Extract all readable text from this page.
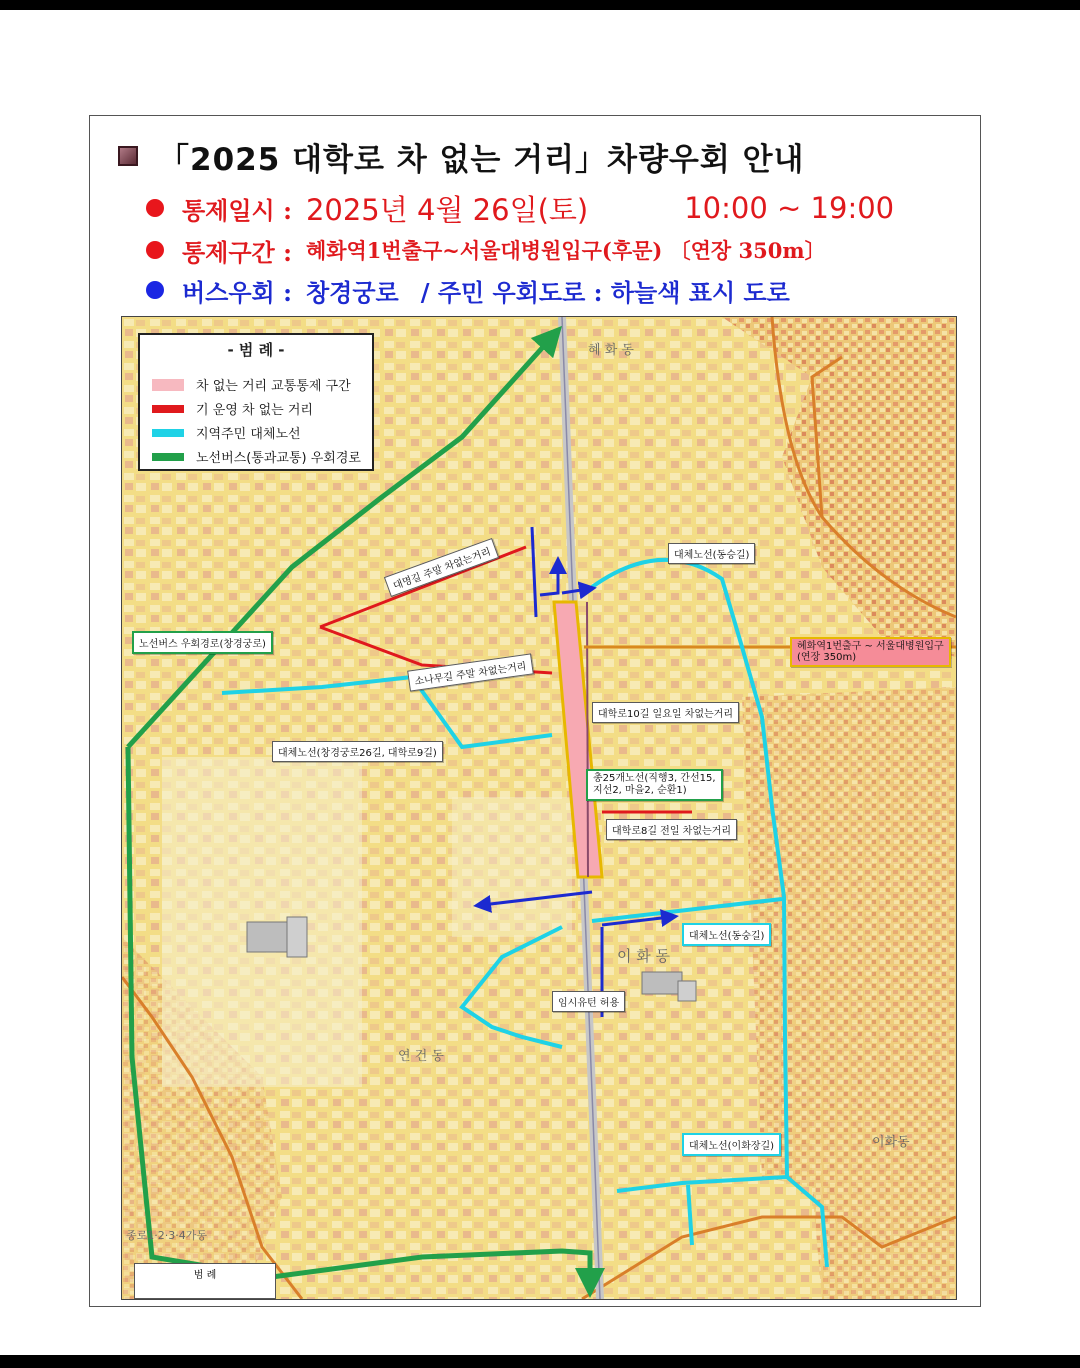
「2025 대학로 차 없는 거리」차량우회 안내
통제일시 : 2025년 4월 26일(토)	10:00 ~ 19:00
통제구간 : 혜화역1번출구~서울대병원입구(후문) 〔연장 350m〕
버스우회 : 창경궁로 / 주민 우회도로 : 하늘색 표시 도로
- 범 례 -
차 없는 거리 교통통제 구간
기 운영 차 없는 거리
지역주민 대체노선
노선버스(통과교통) 우회경로
노선버스 우회경로(창경궁로)
대명길 주말 차없는거리
소나무길 주말 차없는거리
대체노선(창경궁로26길, 대학로9길)
대체노선(동승길)
혜화역1번출구 ~ 서울대병원입구
(연장 350m)
대학로10길 일요일 차없는거리
총25개노선(직행3, 간선15,
지선2, 마을2, 순환1)
대학로8길 전일 차없는거리
대체노선(동숭길)
임시유턴 허용
대체노선(이화장길)
혜 화 동
이 화 동
연 건 동
이화동
종로1·2·3·4가동
범 례
